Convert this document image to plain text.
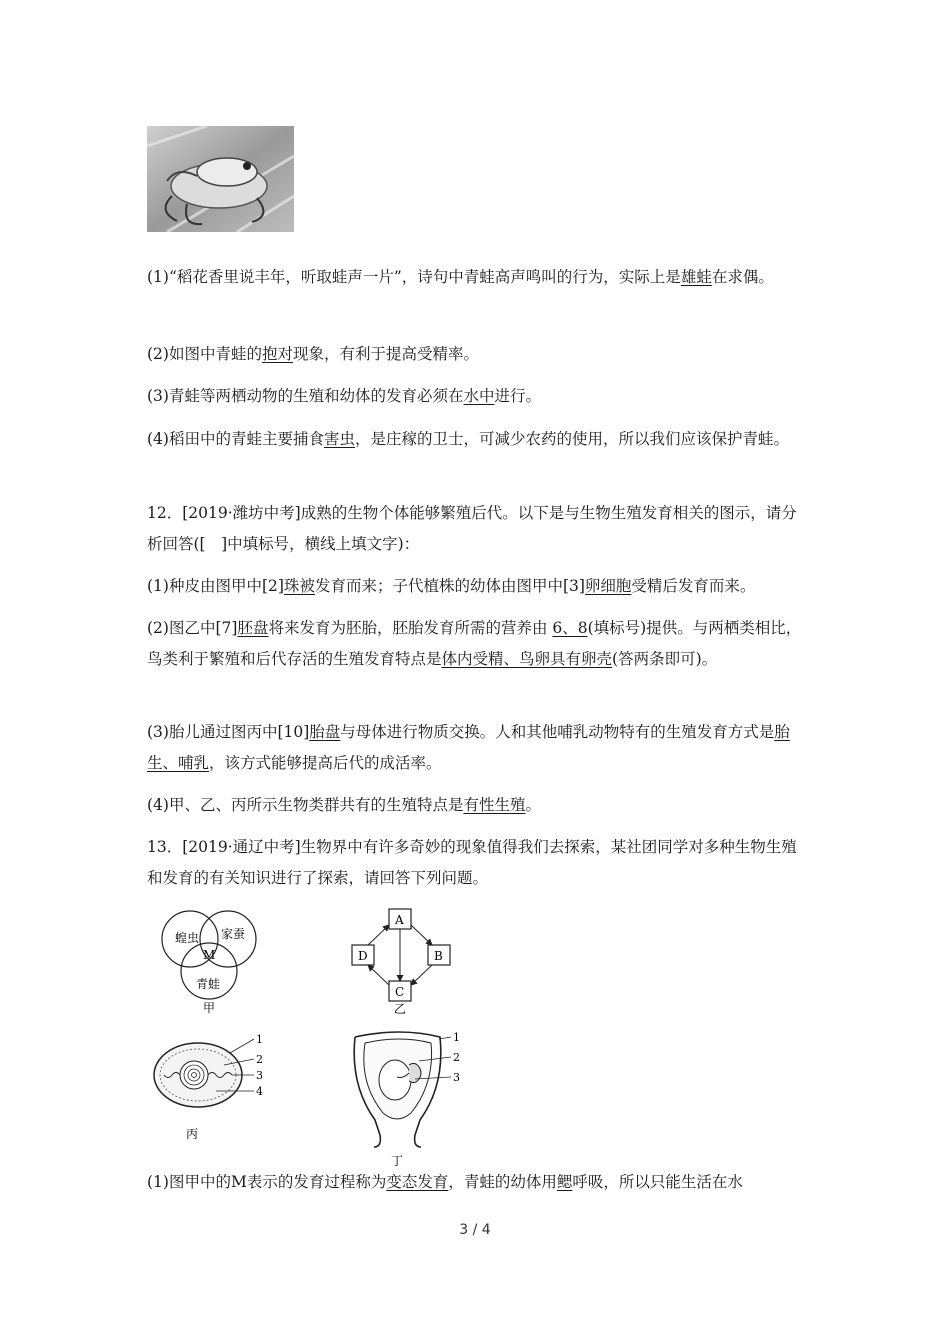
(1)“稻花香里说丰年，听取蛙声一片”，诗句中青蛙高声鸣叫的行为，实际上是雄蛙在求偶。

(2)如图中青蛙的抱对现象，有利于提高受精率。

(3)青蛙等两栖动物的生殖和幼体的发育必须在水中进行。

(4)稻田中的青蛙主要捕食害虫，是庄稼的卫士，可减少农药的使用，所以我们应该保护青蛙。

12．[2019·潍坊中考]成熟的生物个体能够繁殖后代。以下是与生物生殖发育相关的图示，请分析回答([　]中填标号，横线上填文字)：

(1)种皮由图甲中[2]珠被发育而来；子代植株的幼体由图甲中[3]卵细胞受精后发育而来。

(2)图乙中[7]胚盘将来发育为胚胎，胚胎发育所需的营养由 6、8(填标号)提供。与两栖类相比，鸟类利于繁殖和后代存活的生殖发育特点是体内受精、鸟卵具有卵壳(答两条即可)。

(3)胎儿通过图丙中[10]胎盘与母体进行物质交换。人和其他哺乳动物特有的生殖发育方式是胎生、哺乳，该方式能够提高后代的成活率。

(4)甲、乙、丙所示生物类群共有的生殖特点是有性生殖。

13．[2019·通辽中考]生物界中有许多奇妙的现象值得我们去探索，某社团同学对多种生物生殖和发育的有关知识进行了探索，请回答下列问题。

蝗虫 家蚕
青蛙
M
甲
A
B
C
D
乙
1
2
3
4
丙
1
2
3
丁

(1)图甲中的M表示的发育过程称为变态发育，青蛙的幼体用鳃呼吸，所以只能生活在水

3 / 4
